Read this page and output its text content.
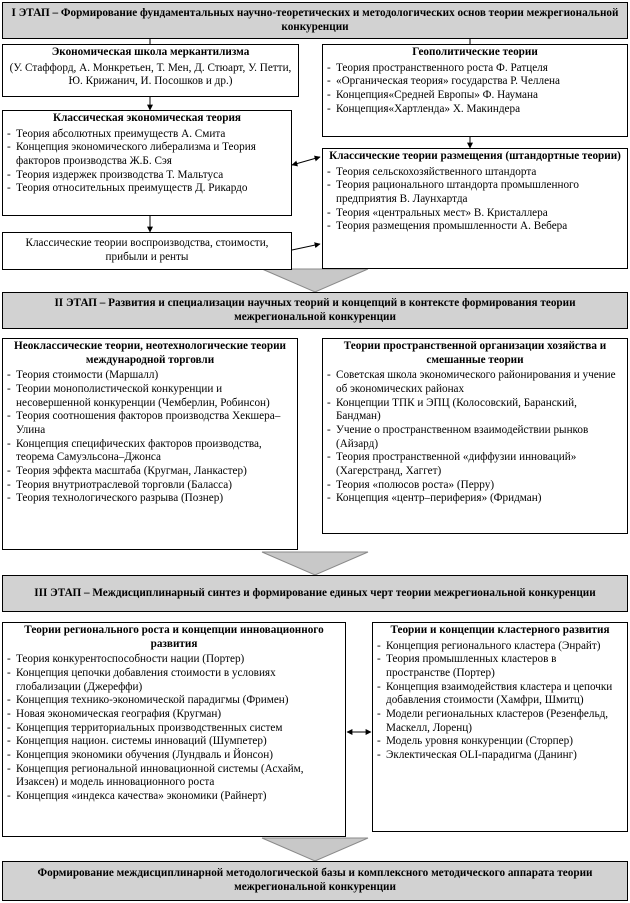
I ЭТАП – Формирование фундаментальных научно-теоретических и методологических основ теории межрегиональной конкуренции
Экономическая школа меркантилизма
(У. Стаффорд, А. Монкретьен, Т. Мен, Д. Стюарт, У. Петти, Ю. Крижанич, И. Посошков и др.)
Классическая экономическая теория
- Теория абсолютных преимуществ А. Смита
- Концепция экономического либерализма и Теория факторов производства Ж.Б. Сэя
- Теория издержек производства Т. Мальтуса
- Теория относительных преимуществ Д. Рикардо
Классические теории воспроизводства, стоимости, прибыли и ренты
Геополитические теории
- Теория пространственного роста Ф. Ратцеля
- «Органическая теория» государства Р. Челлена
- Концепция«Средней Европы» Ф. Наумана
- Концепция«Хартленда» Х. Макиндера
Классические теории размещения (штандортные теории)
- Теория сельскохозяйственного штандорта
- Теория рационального штандорта промышленного предприятия В. Лаунхартда
- Теория «центральных мест» В. Кристаллера
- Теория размещения промышленности А. Вебера
II ЭТАП – Развития и специализации научных теорий и концепций в контексте формирования теории межрегиональной конкуренции
Неоклассические теории, неотехнологические теории международной торговли
- Теория стоимости (Маршалл)
- Теории монополистической конкуренции и несовершенной конкуренции (Чемберлин, Робинсон)
- Теория соотношения факторов производства Хекшера–Улина
- Концепция специфических факторов производства, теорема Самуэльсона–Джонса
- Теория эффекта масштаба (Кругман, Ланкастер)
- Теория внутриотраслевой торговли (Баласса)
- Теория технологического разрыва (Познер)
Теории пространственной организации хозяйства и смешанные теории
- Советская школа экономического районирования и учение об экономических районах
- Концепции ТПК и ЭПЦ (Колосовский, Баранский, Бандман)
- Учение о пространственном взаимодействии рынков (Айзард)
- Теория пространственной «диффузии инноваций» (Хагерстранд, Хаггет)
- Теория «полюсов роста» (Перру)
- Концепция «центр–периферия» (Фридман)
III ЭТАП – Междисциплинарный синтез и формирование единых черт теории межрегиональной конкуренции
Теории регионального роста и концепции инновационного развития
- Теория конкурентоспособности нации (Портер)
- Концепция цепочки добавления стоимости в условиях глобализации (Джерeффи)
- Концепция технико-экономической парадигмы (Фримен)
- Новая экономическая география (Кругман)
- Концепция территориальных производственных систем
- Концепция национ. системы инноваций (Шумпетер)
- Концепция экономики обучения (Лундваль и Йонсон)
- Концепция региональной инновационной системы (Асхайм, Изаксен) и модель инновационного роста
- Концепция «индекса качества» экономики (Райнерт)
Теории и концепции кластерного развития
- Концепция регионального кластера (Энрайт)
- Теория промышленных кластеров в пространстве (Портер)
- Концепция взаимодействия кластера и цепочки добавления стоимости (Хамфри, Шмитц)
- Модели региональных кластеров (Резенфельд, Маскелл, Лоренц)
- Модель уровня конкуренции (Сторпер)
- Эклектическая OLI-парадигма (Данинг)
Формирование междисциплинарной методологической базы и комплексного методического аппарата теории межрегиональной конкуренции
